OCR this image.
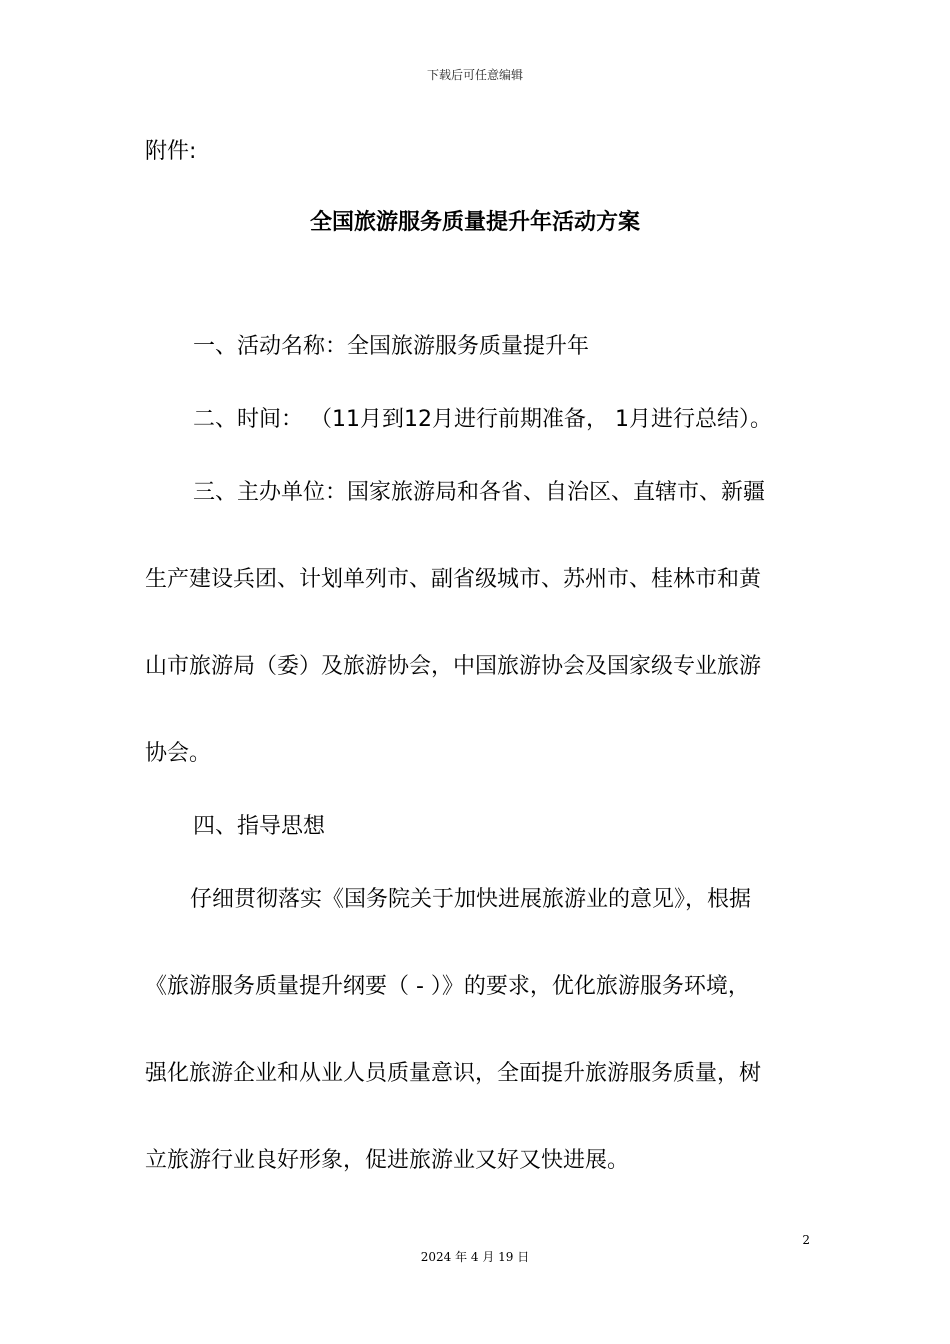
下载后可任意编辑
附件:
全国旅游服务质量提升年活动方案
一、活动名称：全国旅游服务质量提升年
二、时间： （11月到12月进行前期准备， 1月进行总结）。
三、主办单位：国家旅游局和各省、自治区、直辖市、新疆
生产建设兵团、计划单列市、副省级城市、苏州市、桂林市和黄
山市旅游局（委）及旅游协会，中国旅游协会及国家级专业旅游
协会。
四、指导思想
仔细贯彻落实《国务院关于加快进展旅游业的意见》，根据
《旅游服务质量提升纲要（ - ）》的要求，优化旅游服务环境，
强化旅游企业和从业人员质量意识，全面提升旅游服务质量，树
立旅游行业良好形象，促进旅游业又好又快进展。
2
2024 年 4 月 19 日
